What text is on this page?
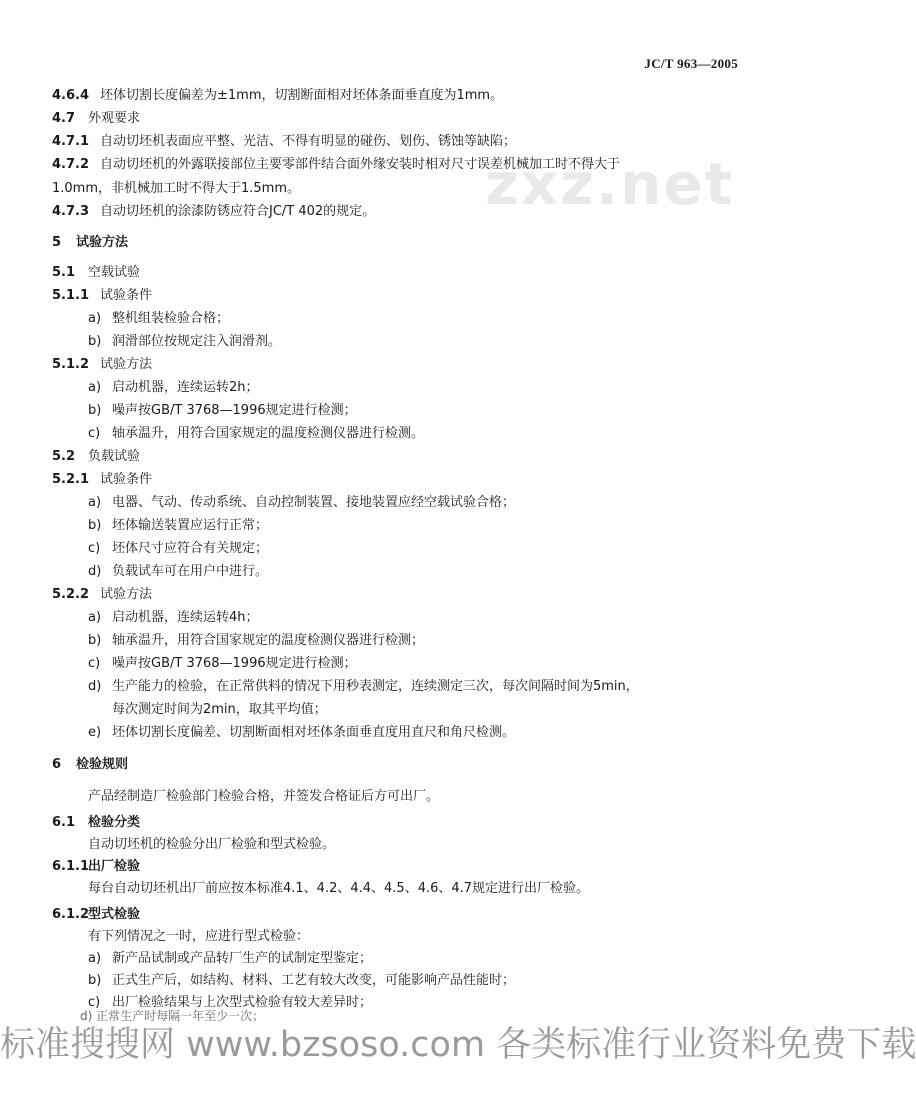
JC/T 963—2005
zxz.net
4.6.4 坯体切割长度偏差为±1mm，切割断面相对坯体条面垂直度为1mm。
4.7 外观要求
4.7.1 自动切坯机表面应平整、光洁、不得有明显的碰伤、划伤、锈蚀等缺陷；
4.7.2 自动切坯机的外露联接部位主要零部件结合面外缘安装时相对尺寸误差机械加工时不得大于
1.0mm，非机械加工时不得大于1.5mm。
4.7.3 自动切坯机的涂漆防锈应符合JC/T 402的规定。
5 试验方法
5.1 空载试验
5.1.1 试验条件
a) 整机组装检验合格；
b) 润滑部位按规定注入润滑剂。
5.1.2 试验方法
a) 启动机器，连续运转2h；
b) 噪声按GB/T 3768—1996规定进行检测；
c) 轴承温升，用符合国家规定的温度检测仪器进行检测。
5.2 负载试验
5.2.1 试验条件
a) 电器、气动、传动系统、自动控制装置、接地装置应经空载试验合格；
b) 坯体输送装置应运行正常；
c) 坯体尺寸应符合有关规定；
d) 负载试车可在用户中进行。
5.2.2 试验方法
a) 启动机器，连续运转4h；
b) 轴承温升，用符合国家规定的温度检测仪器进行检测；
c) 噪声按GB/T 3768—1996规定进行检测；
d) 生产能力的检验，在正常供料的情况下用秒表测定，连续测定三次，每次间隔时间为5min，
每次测定时间为2min，取其平均值；
e) 坯体切割长度偏差、切割断面相对坯体条面垂直度用直尺和角尺检测。
6 检验规则
产品经制造厂检验部门检验合格，并签发合格证后方可出厂。
6.1 检验分类
自动切坯机的检验分出厂检验和型式检验。
6.1.1出厂检验
每台自动切坯机出厂前应按本标准4.1、4.2、4.4、4.5、4.6、4.7规定进行出厂检验。
6.1.2型式检验
有下列情况之一时，应进行型式检验：
a) 新产品试制或产品转厂生产的试制定型鉴定；
b) 正式生产后，如结构、材料、工艺有较大改变，可能影响产品性能时；
c) 出厂检验结果与上次型式检验有较大差异时；
d) 正常生产时每隔一年至少一次；
标准搜搜网 www.bzsoso.com 各类标准行业资料免费下载
